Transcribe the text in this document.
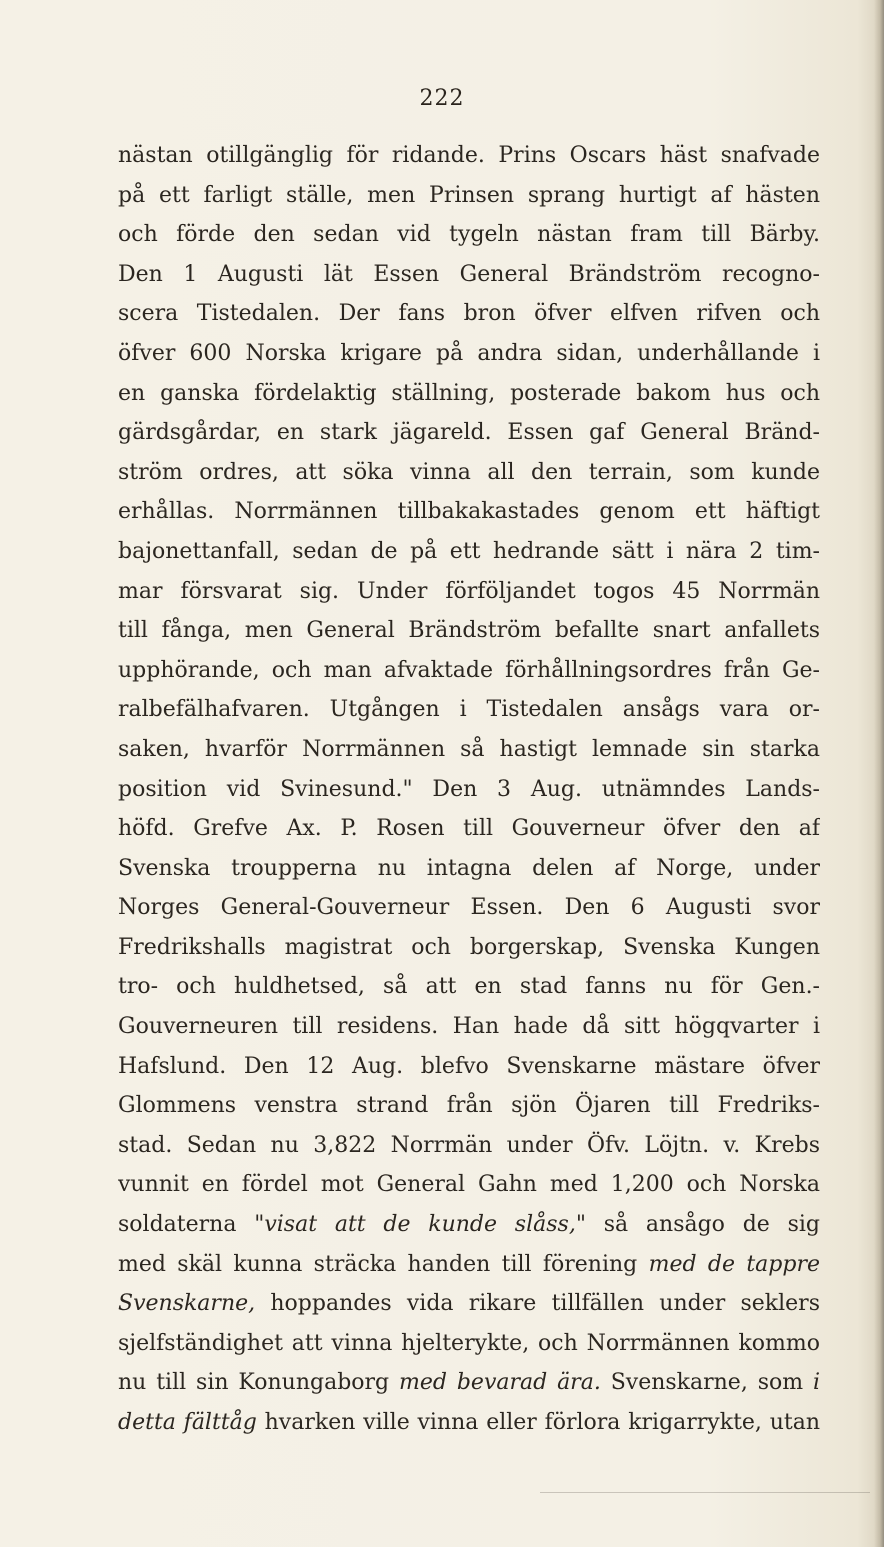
222
nästan otillgänglig för ridande. Prins Oscars häst snafvade
på ett farligt ställe, men Prinsen sprang hurtigt af hästen
och förde den sedan vid tygeln nästan fram till Bärby.
Den 1 Augusti lät Essen General Brändström recogno-
scera Tistedalen. Der fans bron öfver elfven rifven och
öfver 600 Norska krigare på andra sidan, underhållande i
en ganska fördelaktig ställning, posterade bakom hus och
gärdsgårdar, en stark jägareld. Essen gaf General Bränd-
ström ordres, att söka vinna all den terrain, som kunde
erhållas. Norrmännen tillbakakastades genom ett häftigt
bajonettanfall, sedan de på ett hedrande sätt i nära 2 tim-
mar försvarat sig. Under förföljandet togos 45 Norrmän
till fånga, men General Brändström befallte snart anfallets
upphörande, och man afvaktade förhållningsordres från Ge-
ralbefälhafvaren. Utgången i Tistedalen ansågs vara or-
saken, hvarför Norrmännen så hastigt lemnade sin starka
position vid Svinesund." Den 3 Aug. utnämndes Lands-
höfd. Grefve Ax. P. Rosen till Gouverneur öfver den af
Svenska troupperna nu intagna delen af Norge, under
Norges General-Gouverneur Essen. Den 6 Augusti svor
Fredrikshalls magistrat och borgerskap, Svenska Kungen
tro- och huldhetsed, så att en stad fanns nu för Gen.-
Gouverneuren till residens. Han hade då sitt högqvarter i
Hafslund. Den 12 Aug. blefvo Svenskarne mästare öfver
Glommens venstra strand från sjön Öjaren till Fredriks-
stad. Sedan nu 3,822 Norrmän under Öfv. Löjtn. v. Krebs
vunnit en fördel mot General Gahn med 1,200 och Norska
soldaterna "visat att de kunde slåss," så ansågo de sig
med skäl kunna sträcka handen till förening med de tappre
Svenskarne, hoppandes vida rikare tillfällen under seklers
sjelfständighet att vinna hjelterykte, och Norrmännen kommo
nu till sin Konungaborg med bevarad ära. Svenskarne, som i
detta fälttåg hvarken ville vinna eller förlora krigarrykte, utan
